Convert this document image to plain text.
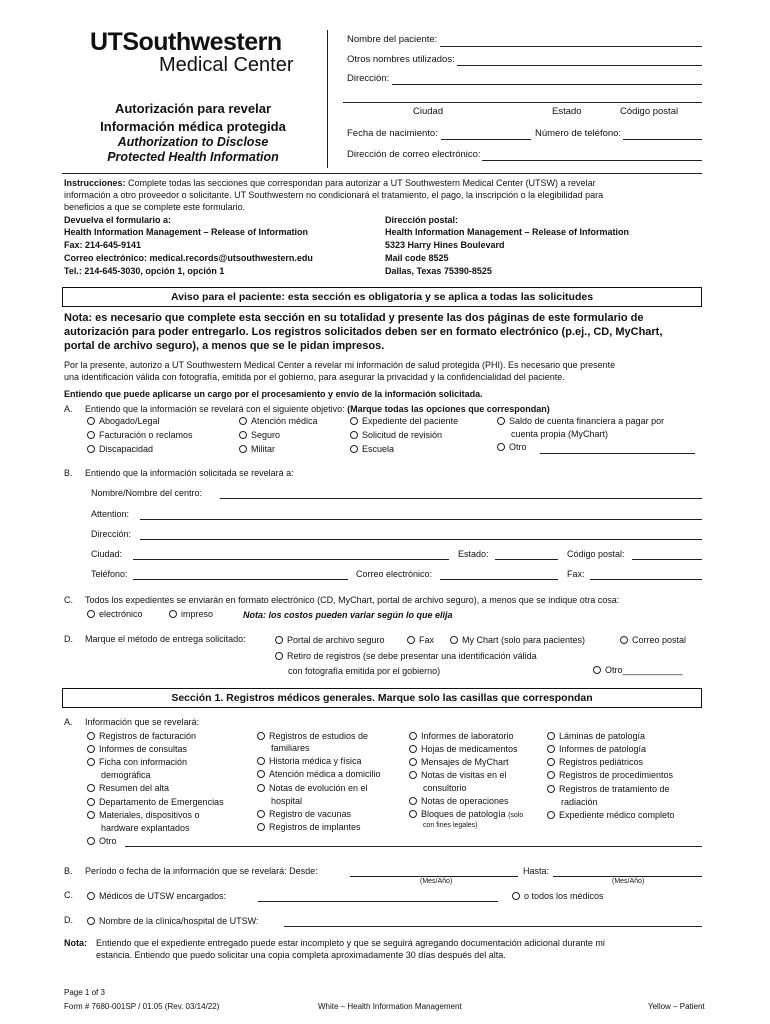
UTSouthwestern
Medical Center
Autorización para revelar
Información médica protegida
Authorization to Disclose
Protected Health Information
Nombre del paciente:
Otros nombres utilizados:
Dirección:
Ciudad	Estado	Código postal
Fecha de nacimiento:	Número de teléfono:
Dirección de correo electrónico:
Instrucciones: Complete todas las secciones que correspondan para autorizar a UT Southwestern Medical Center (UTSW) a revelar
información a otro proveedor o solicitante. UT Southwestern no condicionará el tratamiento, el pago, la inscripción o la elegibilidad para
beneficios a que se complete este formulario.
Devuelva el formulario a:
Health Information Management – Release of Information
Fax: 214-645-9141
Correo electrónico: medical.records@utsouthwestern.edu
Tel.: 214-645-3030, opción 1, opción 1
Dirección postal:
Health Information Management – Release of Information
5323 Harry Hines Boulevard
Mail code 8525
Dallas, Texas 75390-8525
Aviso para el paciente: esta sección es obligatoria y se aplica a todas las solicitudes
Nota: es necesario que complete esta sección en su totalidad y presente las dos páginas de este formulario de
autorización para poder entregarlo. Los registros solicitados deben ser en formato electrónico (p.ej., CD, MyChart,
portal de archivo seguro), a menos que se le pidan impresos.
Por la presente, autorizo a UT Southwestern Medical Center a revelar mi información de salud protegida (PHI). Es necesario que presente
una identificación válida con fotografía, emitida por el gobierno, para asegurar la privacidad y la confidencialidad del paciente.
Entiendo que puede aplicarse un cargo por el procesamiento y envío de la información solicitada.
A. Entiendo que la información se revelará con el siguiente objetivo: (Marque todas las opciones que correspondan)
Abogado/Legal
Facturación o reclamos
Discapacidad
Atención médica
Seguro
Militar
Expediente del paciente
Solicitud de revisión
Escuela
Saldo de cuenta financiera a pagar por
cuenta propia (MyChart)
Otro
B. Entiendo que la información solicitada se revelará a:
Nombre/Nombre del centro:
Attention:
Dirección:
Ciudad:	Estado:	Código postal:
Teléfono:	Correo electrónico:	Fax:
C. Todos los expedientes se enviarán en formato electrónico (CD, MyChart, portal de archivo seguro), a menos que se indique otra cosa:
electrónico	impreso	Nota: los costos pueden variar según lo que elija
D. Marque el método de entrega solicitado:	Portal de archivo seguro	Fax	My Chart (solo para pacientes)	Correo postal
Retiro de registros (se debe presentar una identificación válida
con fotografía emitida por el gobierno)	Otro____________
Sección 1. Registros médicos generales. Marque solo las casillas que correspondan
A. Información que se revelará:
Registros de facturación
Informes de consultas
Ficha con información
demográfica
Resumen del alta
Departamento de Emergencias
Materiales, dispositivos o
hardware explantados
Otro
Registros de estudios de
familiares
Historia médica y física
Atención médica a domicilio
Notas de evolución en el
hospital
Registro de vacunas
Registros de implantes
Informes de laboratorio
Hojas de medicamentos
Mensajes de MyChart
Notas de visitas en el
consultorio
Notas de operaciones
Bloques de patología (solo
con fines legales)
Láminas de patología
Informes de patología
Registros pediátricos
Registros de procedimientos
Registros de tratamiento de
radiación
Expediente médico completo
B. Período o fecha de la información que se revelará: Desde:	Hasta:
(Mes/Año)	(Mes/Año)
C.	Médicos de UTSW encargados:	o todos los médicos
D.	Nombre de la clínica/hospital de UTSW:
Nota: Entiendo que el expediente entregado puede estar incompleto y que se seguirá agregando documentación adicional durante mi
estancia. Entiendo que puedo solicitar una copia completa aproximadamente 30 días después del alta.
Page 1 of 3
Form # 7680-001SP / 01.05 (Rev. 03/14/22)	White – Health Information Management	Yellow – Patient
